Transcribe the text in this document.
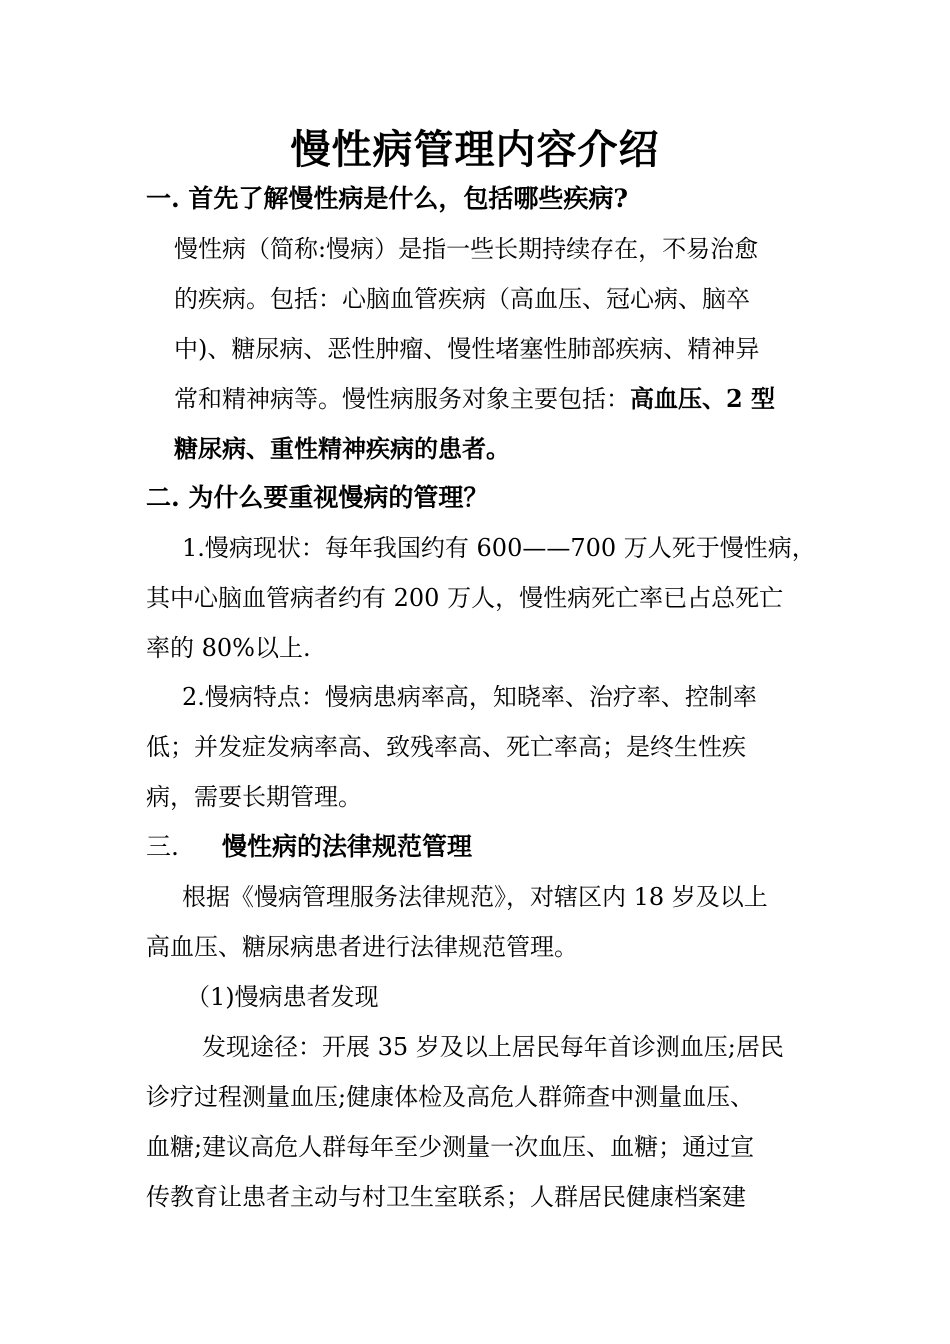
慢性病管理内容介绍
一. 首先了解慢性病是什么，包括哪些疾病?
慢性病（简称:慢病）是指一些长期持续存在，不易治愈
的疾病。包括：心脑血管疾病（高血压、冠心病、脑卒
中)、糖尿病、恶性肿瘤、慢性堵塞性肺部疾病、精神异
常和精神病等。慢性病服务对象主要包括：高血压、2 型
糖尿病、重性精神疾病的患者。
二. 为什么要重视慢病的管理？
1.慢病现状：每年我国约有 600——700 万人死于慢性病，
其中心脑血管病者约有 200 万人，慢性病死亡率已占总死亡
率的 80%以上.
2.慢病特点：慢病患病率高，知晓率、治疗率、控制率
低；并发症发病率高、致残率高、死亡率高；是终生性疾
病，需要长期管理。
三. 慢性病的法律规范管理
根据《慢病管理服务法律规范》，对辖区内 18 岁及以上
高血压、糖尿病患者进行法律规范管理。
（1)慢病患者发现
发现途径：开展 35 岁及以上居民每年首诊测血压;居民
诊疗过程测量血压;健康体检及高危人群筛查中测量血压、
血糖;建议高危人群每年至少测量一次血压、血糖；通过宣
传教育让患者主动与村卫生室联系；人群居民健康档案建
